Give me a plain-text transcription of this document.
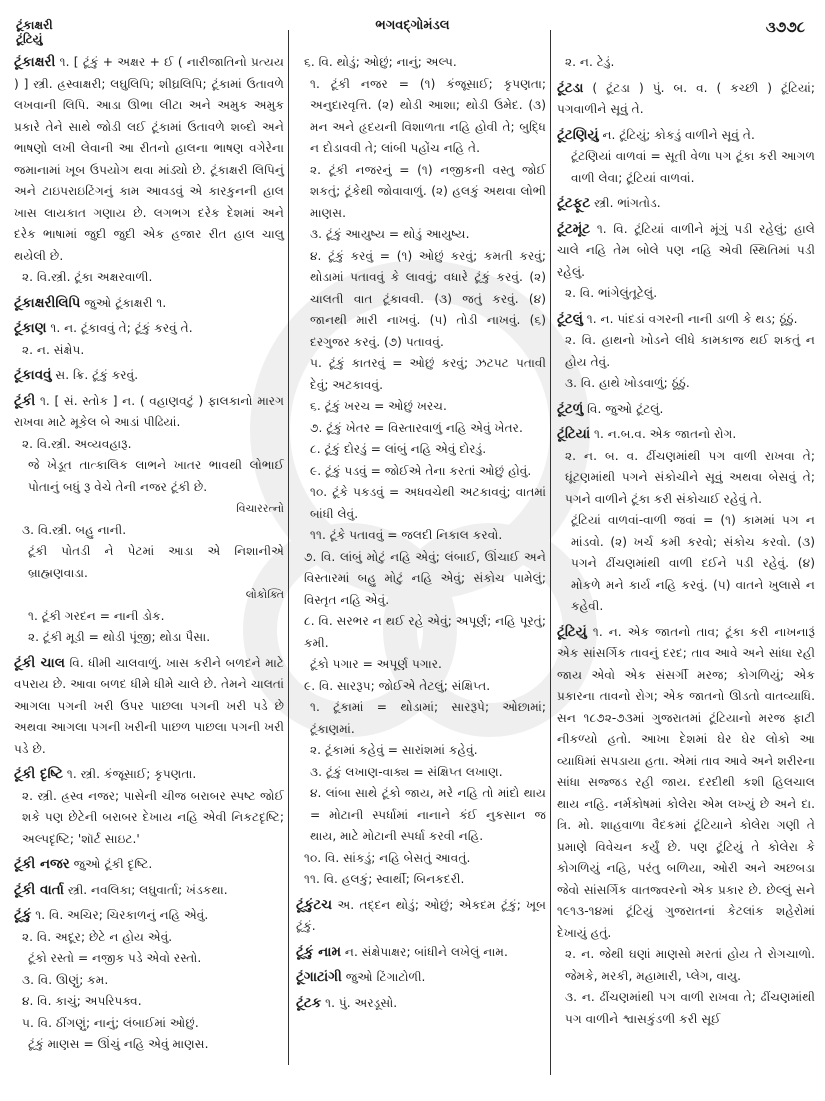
ટૂંકાક્ષરી
ટૂંટિયું
ભગવદ્ગોમંડલ	૩૭૭૮
ટૂંકાક્ષરી ૧. [ ટૂંકું + અક્ષર + ઈ ( નારીજાતિનો પ્રત્યય ) ] સ્ત્રી. હ્રસ્વાક્ષરી; લઘુલિપિ; શીઘ્રલિપિ; ટૂંકામાં ઉતાવળે લખવાની લિપિ. આડા ઊભા લીટા અને અમુક અમુક પ્રકારે તેને સાથે જોડી લઈ ટૂંકામાં ઉતાવળે શબ્દો અને ભાષણો લખી લેવાની આ રીતનો હાલના ભાષણ વગેરેના જમાનામાં ખૂબ ઉપયોગ થવા માંડ્યો છે. ટૂંકાક્ષરી લિપિનું અને ટાઇપરાઇટિંગનું કામ આવડવું એ કારકુનની હાલ ખાસ લાયકાત ગણાય છે. લગભગ દરેક દેશમાં અને દરેક ભાષામાં જુદી જુદી એક હજાર રીત હાલ ચાલુ થયેલી છે.
૨. વિ.સ્ત્રી. ટૂંકા અક્ષરવાળી.
ટૂંકાક્ષરીલિપિ જુઓ ટૂંકાક્ષરી ૧.
ટૂંકાણ ૧. ન. ટૂંકાવવું તે; ટૂંકું કરવું તે.
૨. ન. સંક્ષેપ.
ટૂંકાવવું સ. ક્રિ. ટૂંકું કરવું.
ટૂંકી ૧. [ સં. સ્તોક ] ન. ( વહાણવટું ) ફાલકાનો મારગ રાખવા માટે મૂકેલ બે આડાં પીઢિયાં.
૨. વિ.સ્ત્રી. અવ્યવહારૂ.
જે ખેડૂત તાત્કાલિક લાભને ખાતર ભાવથી લોભાઈ પોતાનું બધું રૂ વેચે તેની નજર ટૂંકી છે.
વિચારરત્નો
૩. વિ.સ્ત્રી. બહુ નાની.
ટૂંકી પોતડી ને પેટમાં આડા એ નિશાનીએ બ્રાહ્મણવાડા.
લોકોક્તિ
૧. ટૂંકી ગરદન = નાની ડોક.
૨. ટૂંકી મૂડી = થોડી પૂંજી; થોડા પૈસા.
ટૂંકી ચાલ વિ. ધીમી ચાલવાળું. ખાસ કરીને બળદને માટે વપરાય છે. આવા બળદ ધીમે ધીમે ચાલે છે. તેમને ચાલતાં આગલા પગની ખરી ઉપર પાછલા પગની ખરી પડે છે અથવા આગલા પગની ખરીની પાછળ પાછલા પગની ખરી પડે છે.
ટૂંકી દૃષ્ટિ ૧. સ્ત્રી. કંજૂસાઈ; કૃપણતા.
૨. સ્ત્રી. હ્રસ્વ નજર; પાસેની ચીજ બરાબર સ્પષ્ટ જોઈ શકે પણ છેટેની બરાબર દેખાય નહિ એવી નિકટદૃષ્ટિ; અલ્પદૃષ્ટિ; 'શૉર્ટ સાઇટ.'
ટૂંકી નજર જુઓ ટૂંકી દૃષ્ટિ.
ટૂંકી વાર્તા સ્ત્રી. નવલિકા; લઘુવાર્તા; ખંડકથા.
ટૂંકું ૧. વિ. અચિર; ચિરકાળનું નહિ એવું.
૨. વિ. અદૂર; છેટે ન હોય એવું.
ટૂંકો રસ્તો = નજીક પડે એવો રસ્તો.
૩. વિ. ઊણું; કમ.
૪. વિ. કાચું; અપરિપક્વ.
૫. વિ. ઠીંગણું; નાનું; લંબાઈમાં ઓછું.
ટૂંકું માણસ = ઊંચું નહિ એવું માણસ.
૬. વિ. થોડું; ઓછું; નાનું; અલ્પ.
૧. ટૂંકી નજર = (૧) કંજૂસાઈ; કૃપણતા; અનુદારવૃત્તિ. (૨) થોડી આશા; થોડી ઉમેદ. (૩) મન અને હૃદયની વિશાળતા નહિ હોવી તે; બુદ્ધિ ન દોડાવવી તે; લાંબી પહોંચ નહિ તે.
૨. ટૂંકી નજરનું = (૧) નજીકની વસ્તુ જોઈ શકતું; ટૂંકેથી જોવાવાળું. (૨) હલકું અથવા લોભી માણસ.
૩. ટૂંકું આયુષ્ય = થોડું આયુષ્ય.
૪. ટૂંકું કરવું = (૧) ઓછું કરવું; કમતી કરવું; થોડામાં પતાવવું કે લાવવું; વધારે ટૂંકું કરવું. (૨) ચાલતી વાત ટૂંકાવવી. (૩) જતું કરવું. (૪) જાનથી મારી નાખવું. (૫) તોડી નાખવું. (૬) દરગુજર કરવું. (૭) પતાવવું.
૫. ટૂંકું કાતરવું = ઓછું કરવું; ઝટપટ પતાવી દેવું; અટકાવવું.
૬. ટૂંકું ખરચ = ઓછું ખરચ.
૭. ટૂંકું ખેતર = વિસ્તારવાળું નહિ એવું ખેતર.
૮. ટૂંકું દોરડું = લાંબું નહિ એવું દોરડું.
૯. ટૂંકું પડવું = જોઈએ તેના કરતાં ઓછું હોવું.
૧૦. ટૂંકે પકડવું = અધવચેથી અટકાવવું; વાતમાં બાંધી લેવું.
૧૧. ટૂંકે પતાવવું = જલદી નિકાલ કરવો.
૭. વિ. લાંબું મોટું નહિ એવું; લંબાઈ, ઊંચાઈ અને વિસ્તારમાં બહુ મોટું નહિ એવું; સંકોચ પામેલું; વિસ્તૃત નહિ એવું.
૮. વિ. સરભર ન થઈ રહે એવું; અપૂર્ણ; નહિ પૂરતું; કમી.
ટૂંકો પગાર = અપૂર્ણ પગાર.
૯. વિ. સારરૂપ; જોઈએ તેટલું; સંક્ષિપ્ત.
૧. ટૂંકામાં = થોડામાં; સારરૂપે; ઓછામાં; ટૂંકાણમાં.
૨. ટૂંકામાં કહેવું = સારાંશમાં કહેવું.
૩. ટૂંકું લખાણ-વાક્ય = સંક્ષિપ્ત લખાણ.
૪. લાંબા સાથે ટૂંકો જાય, મરે નહિ તો માંદો થાય = મોટાની સ્પર્ધામાં નાનાને કંઈ નુકસાન જ થાય, માટે મોટાની સ્પર્ધા કરવી નહિ.
૧૦. વિ. સાંકડું; નહિ બેસતું આવતું.
૧૧. વિ. હલકું; સ્વાર્થી; બિનકદરી.
ટૂંકુંટચ અ. તદ્દન થોડું; ઓછું; એકદમ ટૂંકું; ખૂબ ટૂંકું.
ટૂંકું નામ ન. સંક્ષેપાક્ષર; બાંધીને લખેલું નામ.
ટૂંગાટાંગી જુઓ ટિંગાટોળી.
ટૂંટક ૧. પું. અરડૂસો.
૨. ન. ટેડું.
ટૂંટડા ( ટૂંટડા ) પું. બ. વ. ( કચ્છી ) ટૂંટિયાં; પગવાળીને સૂવું તે.
ટૂંટણિયું ન. ટૂંટિયું; કોકડું વાળીને સૂવું તે.
ટૂંટણિયાં વાળવાં = સૂતી વેળા પગ ટૂંકા કરી આગળ વાળી લેવા; ટૂંટિયાં વાળવાં.
ટૂંટફૂટ સ્ત્રી. ભાંગતોડ.
ટૂંટમૂંટ ૧. વિ. ટૂંટિયાં વાળીને મૂંગું પડી રહેલું; હાલે ચાલે નહિ તેમ બોલે પણ નહિ એવી સ્થિતિમાં પડી રહેલું.
૨. વિ. ભાંગેલુંતૂટેલું.
ટૂંટલું ૧. ન. પાંદડાં વગરની નાની ડાળી કે થડ; ઠૂંઠું.
૨. વિ. હાથનો ખોડને લીધે કામકાજ થઈ શકતું ન હોય તેવું.
૩. વિ. હાથે ખોડવાળું; ઠૂંઠું.
ટૂંટળું વિ. જુઓ ટૂંટલું.
ટૂંટિયાં ૧. ન.બ.વ. એક જાતનો રોગ.
૨. ન. બ. વ. ઢીંચણમાંથી પગ વાળી રાખવા તે; ઘૂંટણમાંથી પગને સંકોચીને સૂવું અથવા બેસવું તે; પગને વાળીને ટૂંકા કરી સંકોચાઈ રહેવું તે.
ટૂંટિયાં વાળવાં-વાળી જવાં = (૧) કામમાં પગ ન માંડવો. (૨) ખર્ચ કમી કરવો; સંકોચ કરવો. (૩) પગને ઢીંચણમાંથી વાળી દઈને પડી રહેવું. (૪) મોકળે મને કાર્ય નહિ કરવું. (૫) વાતને ખુલાસે ન કહેવી.
ટૂંટિયું ૧. ન. એક જાતનો તાવ; ટૂંકા કરી નાખનારૂં એક સાંસર્ગિક તાવનું દરદ; તાવ આવે અને સાંધા રહી જાય એવો એક સંસર્ગી મરજ; કોગળિયું; એક પ્રકારના તાવનો રોગ; એક જાતનો ઊડતો વાતવ્યાધિ. સન ૧૮૭૨-૭૩માં ગુજરાતમાં ટૂંટિયાનો મરજ ફાટી નીકળ્યો હતો. આખા દેશમાં ઘેર ઘેર લોકો આ વ્યાધિમાં સપડાયા હતા. એમાં તાવ આવે અને શરીરના સાંધા સજ્જડ રહી જાય. દરદીથી કશી હિલચાલ થાય નહિ. નર્મકોષમાં કોલેરા એમ લખ્યું છે અને દા. ત્રિ. મો. શાહવાળા વૈદકમાં ટૂંટિયાને કોલેરા ગણી તે પ્રમાણે વિવેચન કર્યું છે. પણ ટૂંટિયું તે કોલેરા કે કોગળિયું નહિ, પરંતુ બળિયા, ઓરી અને અછબડા જેવો સાંસર્ગિક વાતજ્વરનો એક પ્રકાર છે. છેલ્લું સને ૧૯૧૩-૧૪માં ટૂંટિયું ગુજરાતનાં કેટલાંક શહેરોમાં દેખાયું હતું.
૨. ન. જેથી ઘણાં માણસો મરતાં હોય તે રોગચાળો. જેમકે, મરકી, મહામારી, પ્લેગ, વાયુ.
૩. ન. ઢીંચણમાંથી પગ વાળી રાખવા તે; ઢીંચણમાંથી પગ વાળીને શ્વાસકુંડળી કરી સૂઈ
